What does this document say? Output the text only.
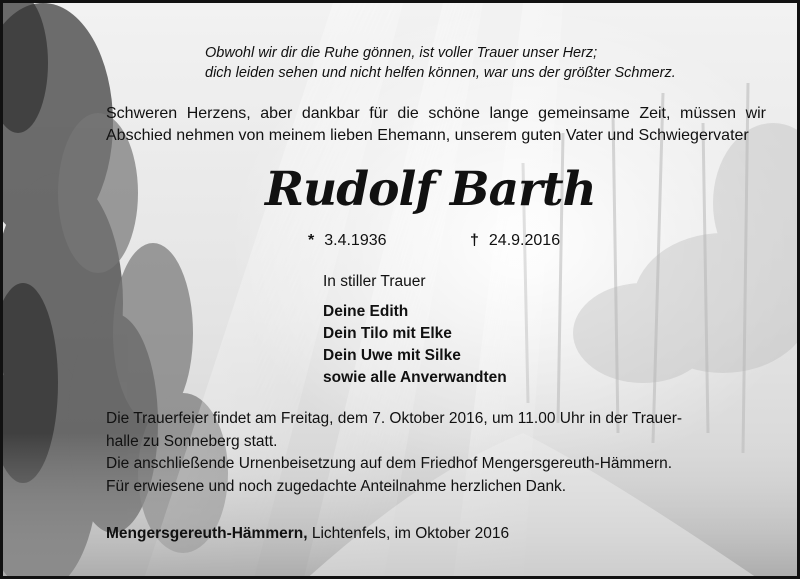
Obwohl wir dir die Ruhe gönnen, ist voller Trauer unser Herz;
dich leiden sehen und nicht helfen können, war uns der größter Schmerz.
Schweren Herzens, aber dankbar für die schöne lange gemeinsame Zeit, müssen wir Abschied nehmen von meinem lieben Ehemann, unserem guten Vater und Schwiegervater
Rudolf Barth
* 3.4.1936	† 24.9.2016
In stiller Trauer
Deine Edith
Dein Tilo mit Elke
Dein Uwe mit Silke
sowie alle Anverwandten
Die Trauerfeier findet am Freitag, dem 7. Oktober 2016, um 11.00 Uhr in der Trauer-
halle zu Sonneberg statt.
Die anschließende Urnenbeisetzung auf dem Friedhof Mengersgereuth-Hämmern.
Für erwiesene und noch zugedachte Anteilnahme herzlichen Dank.
Mengersgereuth-Hämmern, Lichtenfels, im Oktober 2016
